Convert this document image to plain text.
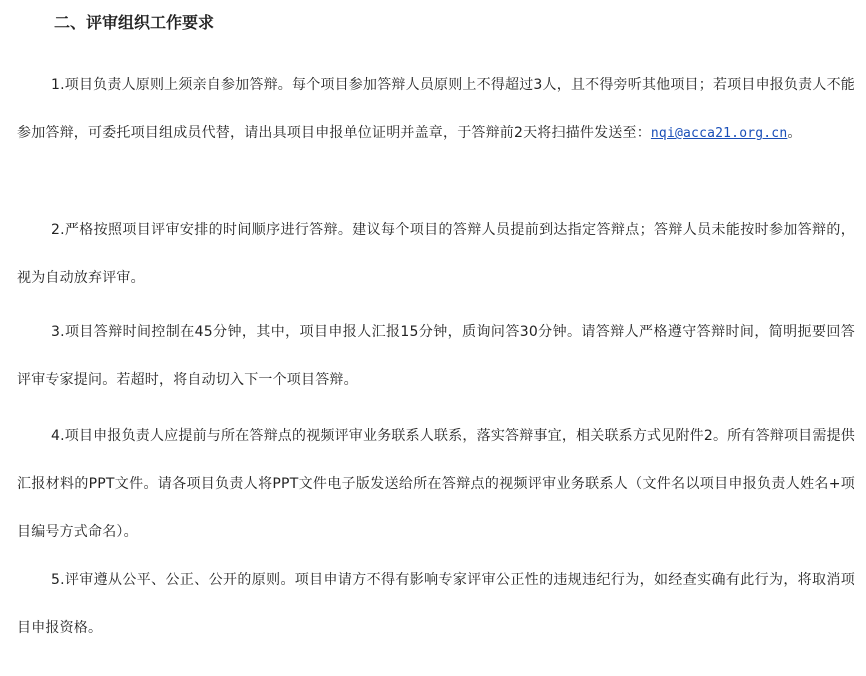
二、评审组织工作要求

1.项目负责人原则上须亲自参加答辩。每个项目参加答辩人员原则上不得超过3人，且不得旁听其他项目；若项目申报负责人不能参加答辩，可委托项目组成员代替，请出具项目申报单位证明并盖章，于答辩前2天将扫描件发送至：nqi@acca21.org.cn。

2.严格按照项目评审安排的时间顺序进行答辩。建议每个项目的答辩人员提前到达指定答辩点；答辩人员未能按时参加答辩的，视为自动放弃评审。

3.项目答辩时间控制在45分钟，其中，项目申报人汇报15分钟，质询问答30分钟。请答辩人严格遵守答辩时间，简明扼要回答评审专家提问。若超时，将自动切入下一个项目答辩。

4.项目申报负责人应提前与所在答辩点的视频评审业务联系人联系，落实答辩事宜，相关联系方式见附件2。所有答辩项目需提供汇报材料的PPT文件。请各项目负责人将PPT文件电子版发送给所在答辩点的视频评审业务联系人（文件名以项目申报负责人姓名+项目编号方式命名）。

5.评审遵从公平、公正、公开的原则。项目申请方不得有影响专家评审公正性的违规违纪行为，如经查实确有此行为，将取消项目申报资格。
